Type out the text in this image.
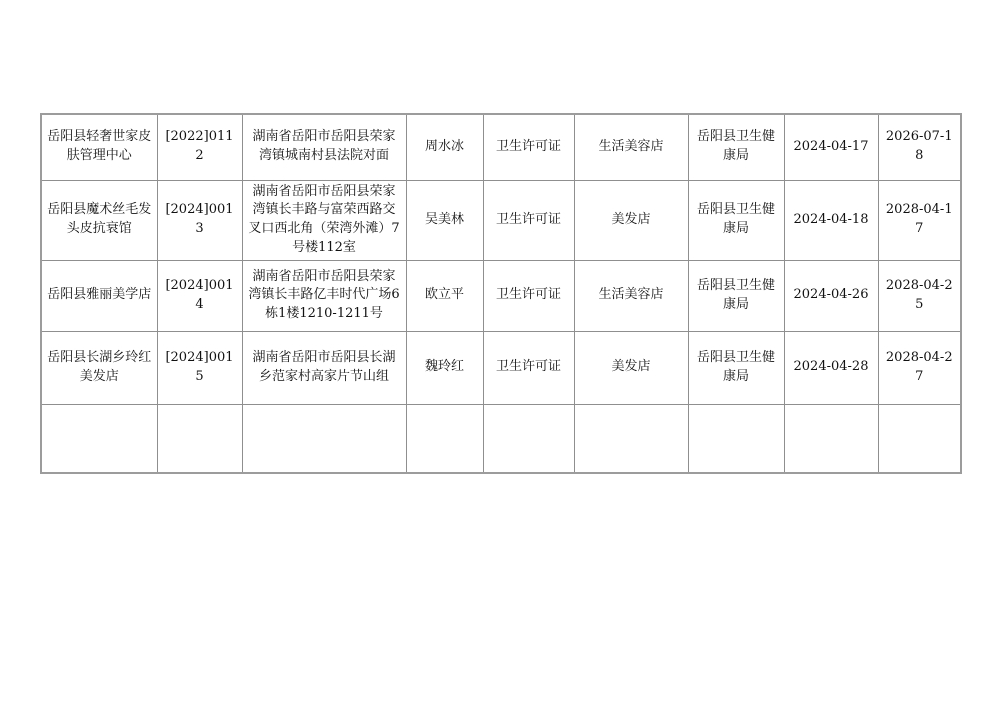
岳阳县轻奢世家皮肤管理中心	[2022]0112	湖南省岳阳市岳阳县荣家湾镇城南村县法院对面	周水冰	卫生许可证	生活美容店	岳阳县卫生健康局	2024-04-17	2026-07-18
岳阳县魔术丝毛发头皮抗衰馆	[2024]0013	湖南省岳阳市岳阳县荣家湾镇长丰路与富荣西路交叉口西北角（荣湾外滩）7号楼112室	吴美林	卫生许可证	美发店	岳阳县卫生健康局	2024-04-18	2028-04-17
岳阳县雅丽美学店	[2024]0014	湖南省岳阳市岳阳县荣家湾镇长丰路亿丰时代广场6栋1楼1210-1211号	欧立平	卫生许可证	生活美容店	岳阳县卫生健康局	2024-04-26	2028-04-25
岳阳县长湖乡玲红美发店	[2024]0015	湖南省岳阳市岳阳县长湖乡范家村高家片节山组	魏玲红	卫生许可证	美发店	岳阳县卫生健康局	2024-04-28	2028-04-27
